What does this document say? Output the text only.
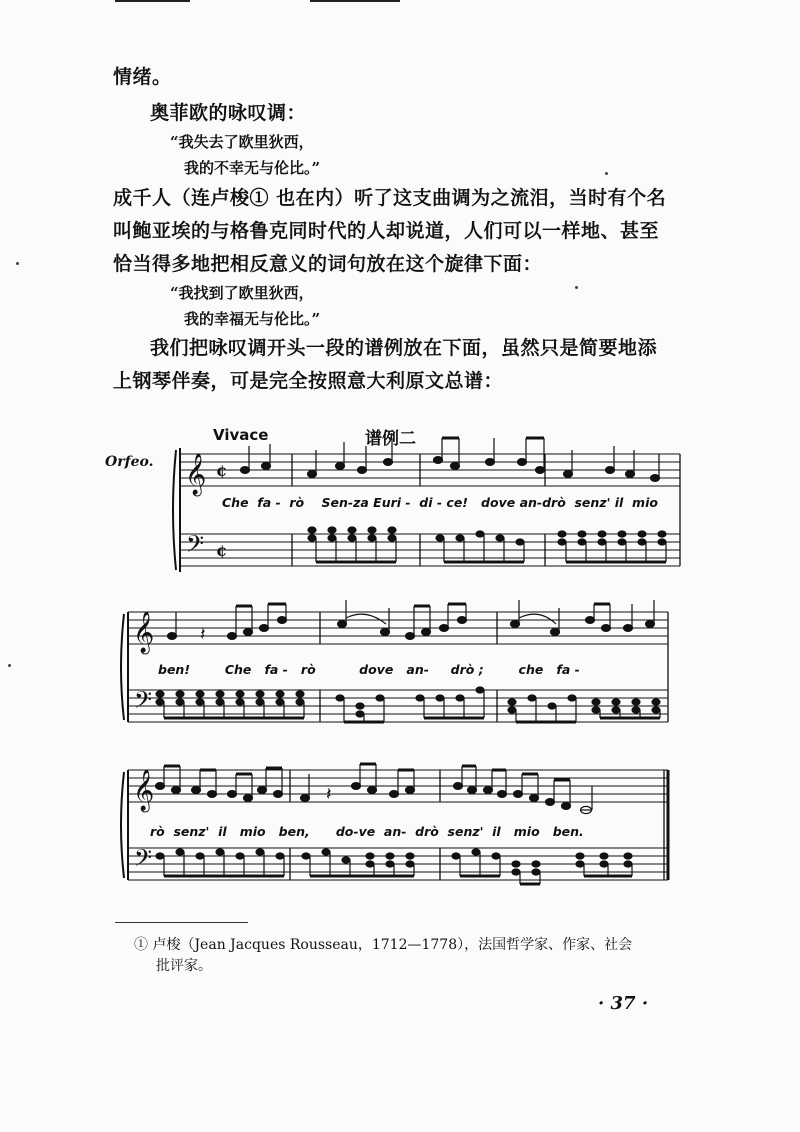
情绪。
奥菲欧的咏叹调：
“我失去了欧里狄西，
我的不幸无与伦比。”
成千人（连卢梭① 也在内）听了这支曲调为之流泪，当时有个名
叫鲍亚埃的与格鲁克同时代的人却说道，人们可以一样地、甚至
恰当得多地把相反意义的词句放在这个旋律下面：
“我找到了欧里狄西，
我的幸福无与伦比。”
我们把咏叹调开头一段的谱例放在下面，虽然只是简要地添
上钢琴伴奏，可是完全按照意大利原文总谱：
Vivace	谱例二
Orfeo. 𝄞
𝄢
¢
¢
𝄞
𝄢
𝄞
𝄢
𝄽
𝄽
Che  fa -  rò    Sen-za Euri -  di - ce!   dove an-drò  senz' il  mio
ben!        Che   fa -   rò          dove   an-     drò ;        che   fa -
rò  senz'  il   mio   ben,      do-ve  an-  drò  senz'  il   mio   ben.
① 卢梭（Jean Jacques Rousseau，1712—1778），法国哲学家、作家、社会
批评家。
· 37 ·
